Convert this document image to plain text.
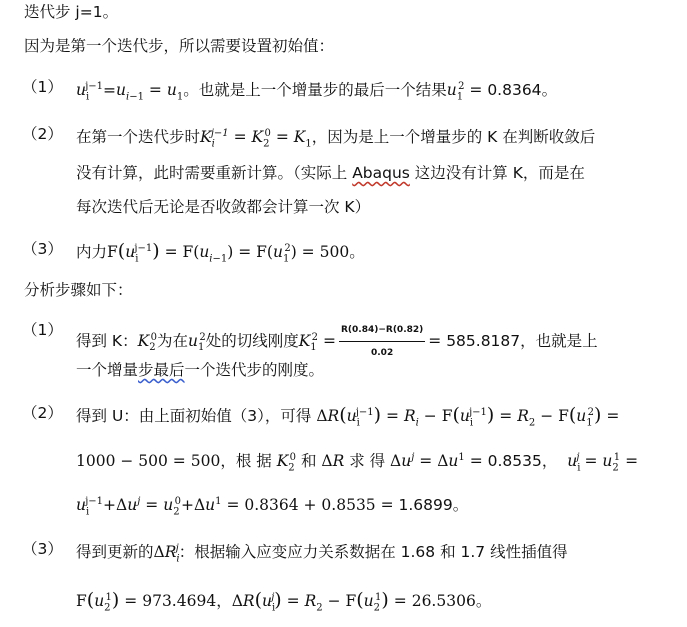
迭代步 j=1。
因为是第一个迭代步，所以需要设置初始值：
（1） $u_i^{j-1}=u_{i-1} = u_1$。也就是上一个增量步的最后一个结果$u_1^2 = 0.8364$。
（2） 在第一个迭代步时$K_i^{j-1} = K_2^0 = K_1$，因为是上一个增量步的 K 在判断收敛后
没有计算，此时需要重新计算。（实际上 Abaqus 这边没有计算 K，而是在
每次迭代后无论是否收敛都会计算一次 K）
（3） 内力$F(u_i^{j-1}) = F(u_{i-1}) = F(u_1^2) = 500$。
分析步骤如下：
（1）
得到 K：$K_2^0$为在$u_1^2$处的切线刚度$K_1^2 = \frac{R(0.84)-R(0.82)}{0.02} = 585.8187$，也就是上
一个增量步最后一个迭代步的刚度。
（2） 得到 U：由上面初始值（3），可得 $\Delta R(u_i^{j-1}) = R_i - F(u_i^{j-1}) = R_2 - F(u_1^2)$ =
1000 − 500 = 500，根 据 $K_2^0$ 和 ΔR 求 得 $\Delta u^j = \Delta u^1 = 0.8535$，  $u_i^j = u_2^1$ =
$u_i^{j-1}+\Delta u^j = u_2^0+\Delta u^1 = 0.8364 + 0.8535 = 1.6899$。
（3） 得到更新的$\Delta R_i^j$：根据输入应变应力关系数据在 1.68 和 1.7 线性插值得
$F(u_2^1) = 973.4694$，$\Delta R(u_i^j) = R_2 - F(u_2^1) = 26.5306$。
